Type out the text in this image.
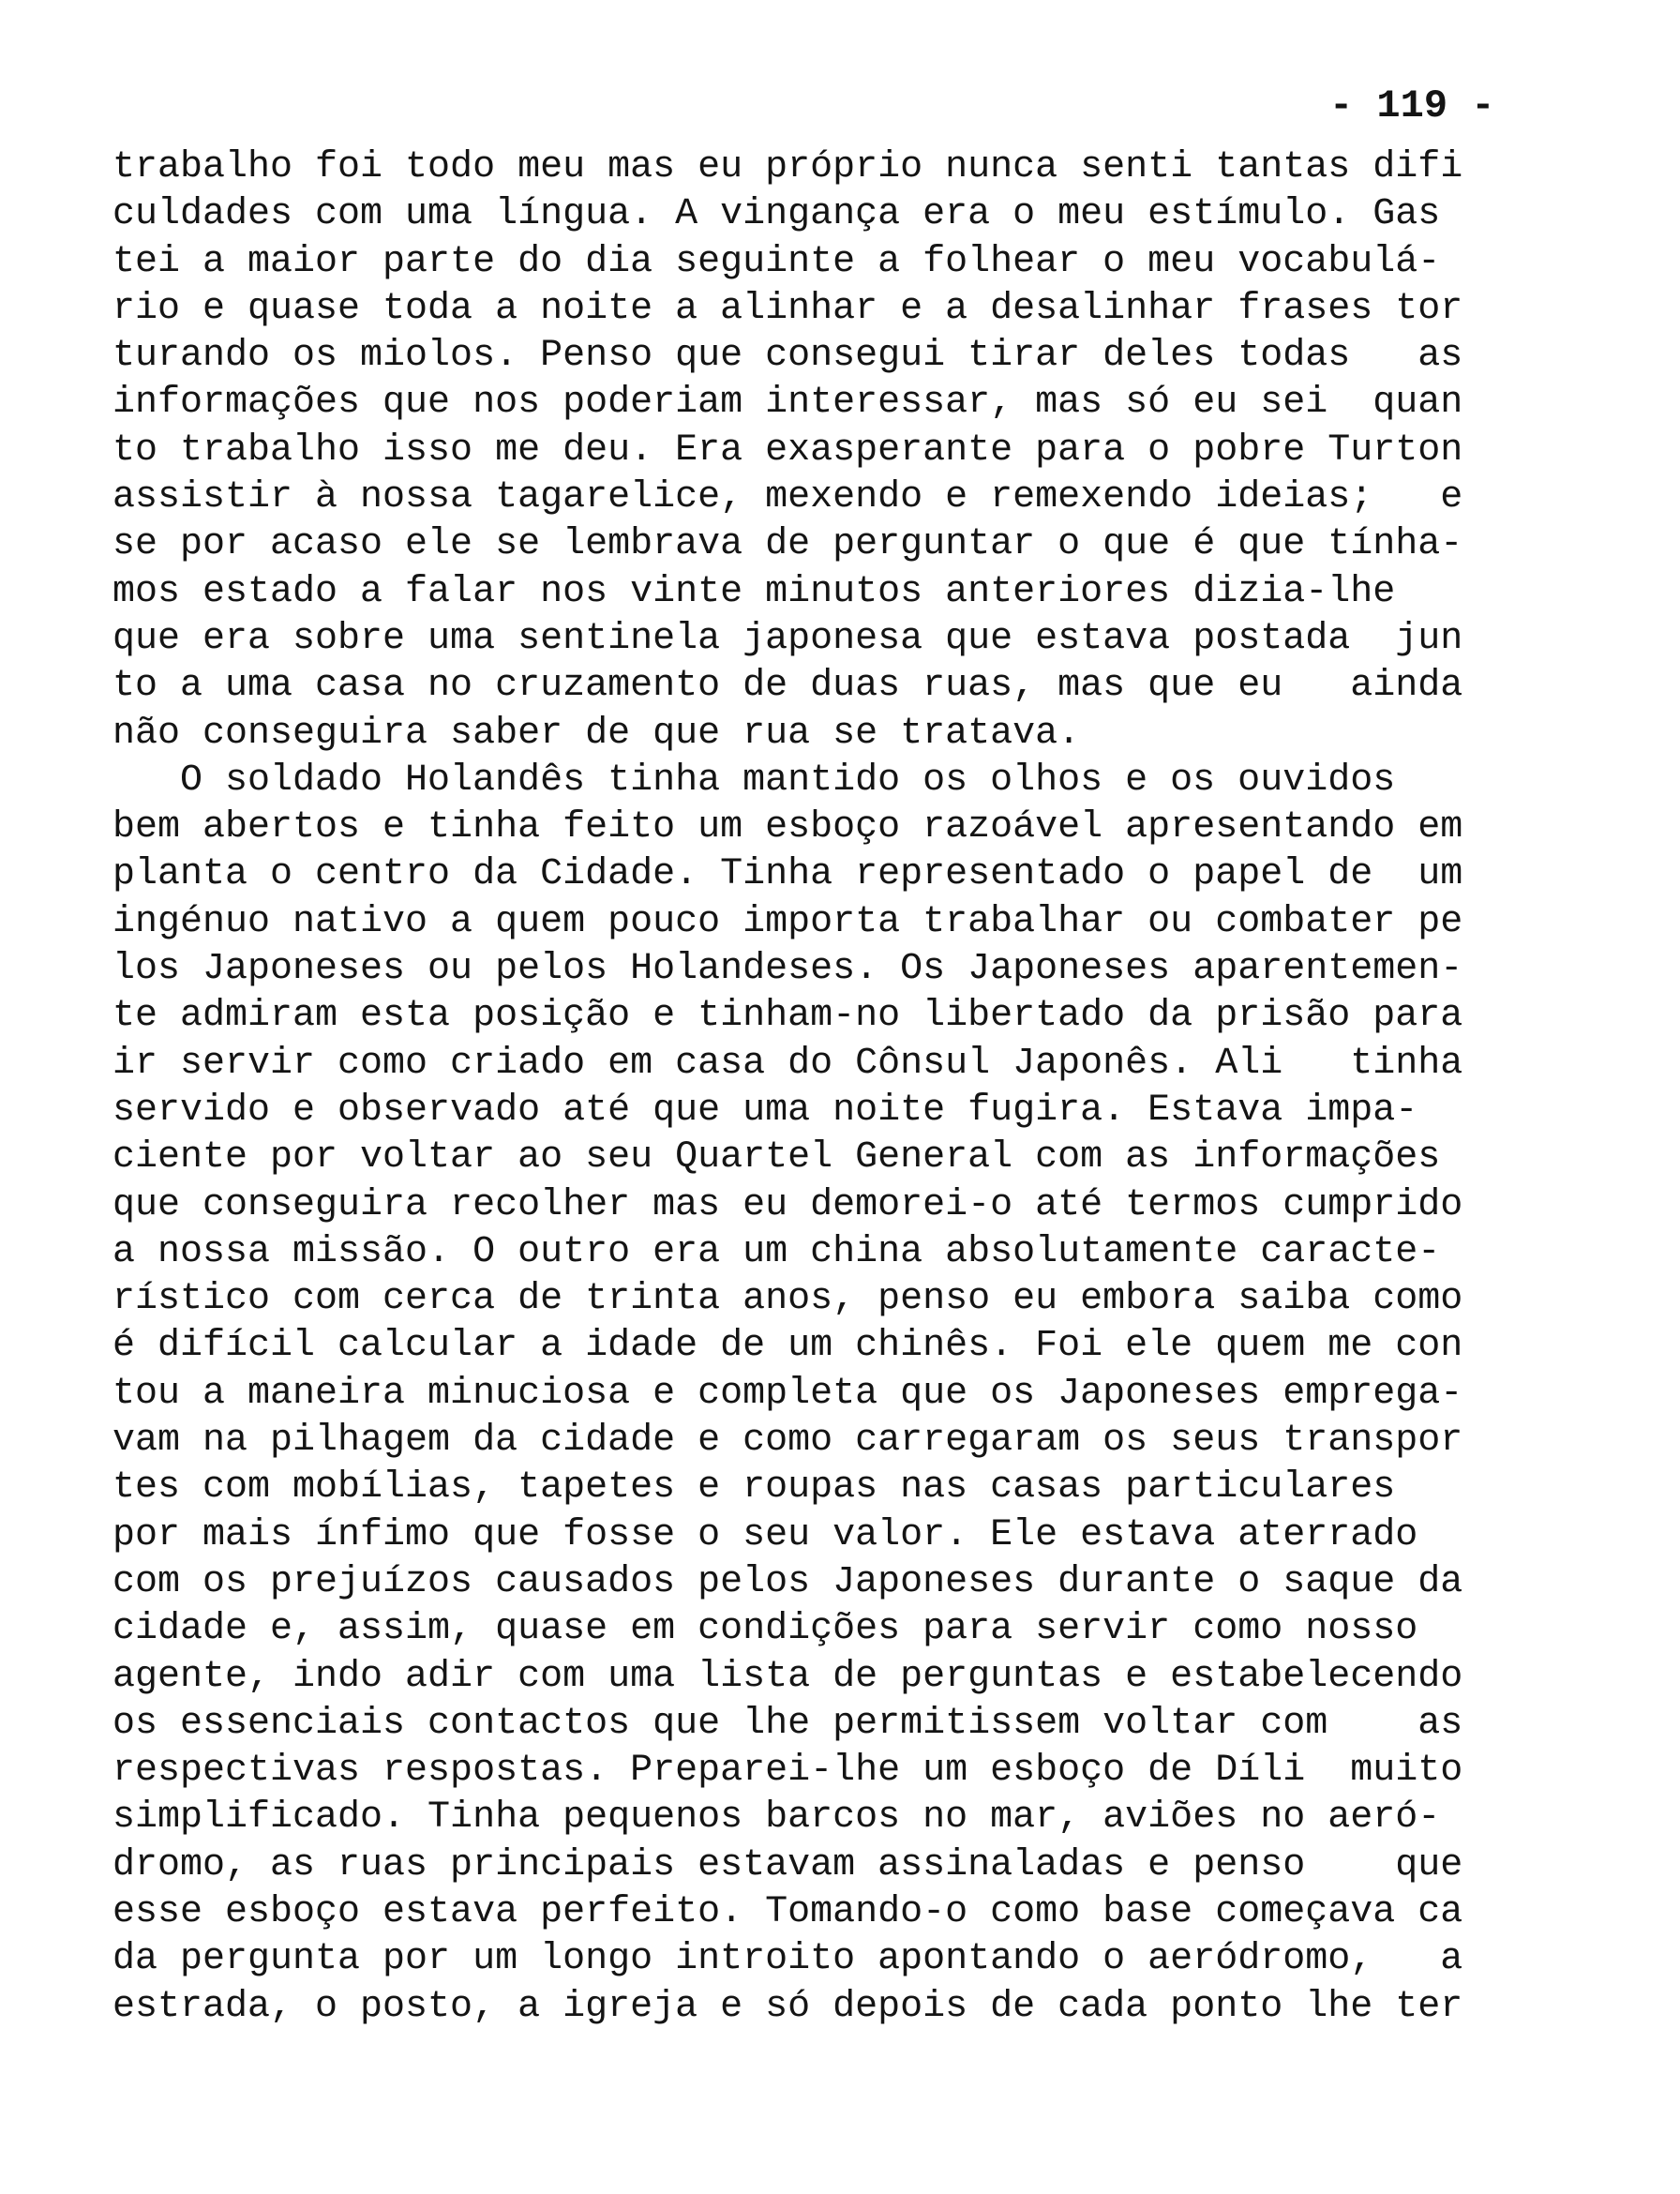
- 119 -
trabalho foi todo meu mas eu próprio nunca senti tantas difi
culdades com uma língua. A vingança era o meu estímulo. Gas
tei a maior parte do dia seguinte a folhear o meu vocabulá-
rio e quase toda a noite a alinhar e a desalinhar frases tor
turando os miolos. Penso que consegui tirar deles todas   as
informações que nos poderiam interessar, mas só eu sei  quan
to trabalho isso me deu. Era exasperante para o pobre Turton
assistir à nossa tagarelice, mexendo e remexendo ideias;   e
se por acaso ele se lembrava de perguntar o que é que tínha-
mos estado a falar nos vinte minutos anteriores dizia-lhe
que era sobre uma sentinela japonesa que estava postada  jun
to a uma casa no cruzamento de duas ruas, mas que eu   ainda
não conseguira saber de que rua se tratava.
O soldado Holandês tinha mantido os olhos e os ouvidos
bem abertos e tinha feito um esboço razoável apresentando em
planta o centro da Cidade. Tinha representado o papel de  um
ingénuo nativo a quem pouco importa trabalhar ou combater pe
los Japoneses ou pelos Holandeses. Os Japoneses aparentemen-
te admiram esta posição e tinham-no libertado da prisão para
ir servir como criado em casa do Cônsul Japonês. Ali   tinha
servido e observado até que uma noite fugira. Estava impa-
ciente por voltar ao seu Quartel General com as informações
que conseguira recolher mas eu demorei-o até termos cumprido
a nossa missão. O outro era um china absolutamente caracte-
rístico com cerca de trinta anos, penso eu embora saiba como
é difícil calcular a idade de um chinês. Foi ele quem me con
tou a maneira minuciosa e completa que os Japoneses emprega-
vam na pilhagem da cidade e como carregaram os seus transpor
tes com mobílias, tapetes e roupas nas casas particulares
por mais ínfimo que fosse o seu valor. Ele estava aterrado
com os prejuízos causados pelos Japoneses durante o saque da
cidade e, assim, quase em condições para servir como nosso
agente, indo adir com uma lista de perguntas e estabelecendo
os essenciais contactos que lhe permitissem voltar com    as
respectivas respostas. Preparei-lhe um esboço de Díli  muito
simplificado. Tinha pequenos barcos no mar, aviões no aeró-
dromo, as ruas principais estavam assinaladas e penso    que
esse esboço estava perfeito. Tomando-o como base começava ca
da pergunta por um longo introito apontando o aeródromo,   a
estrada, o posto, a igreja e só depois de cada ponto lhe ter
